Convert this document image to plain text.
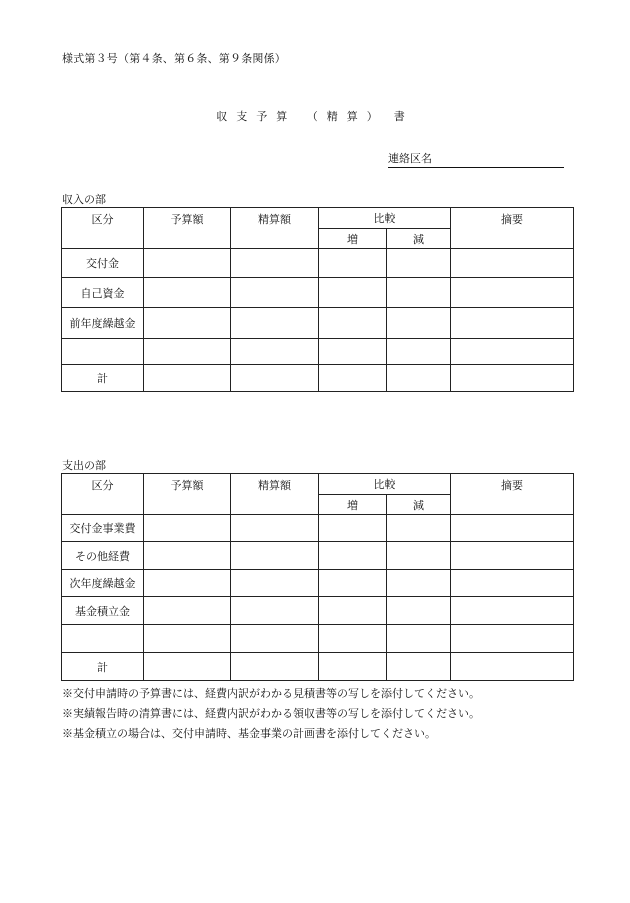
様式第３号（第４条、第６条、第９条関係）
収支予算 （精算） 書
連絡区名
収入の部
区分	予算額	精算額	比較		摘要
			増	減	
交付金					
自己資金					
前年度繰越金					

計					
支出の部
区分	予算額	精算額	比較		摘要
			増	減	
交付金事業費					
その他経費					
次年度繰越金					
基金積立金					

計					
※交付申請時の予算書には、経費内訳がわかる見積書等の写しを添付してください。
※実績報告時の清算書には、経費内訳がわかる領収書等の写しを添付してください。
※基金積立の場合は、交付申請時、基金事業の計画書を添付してください。
